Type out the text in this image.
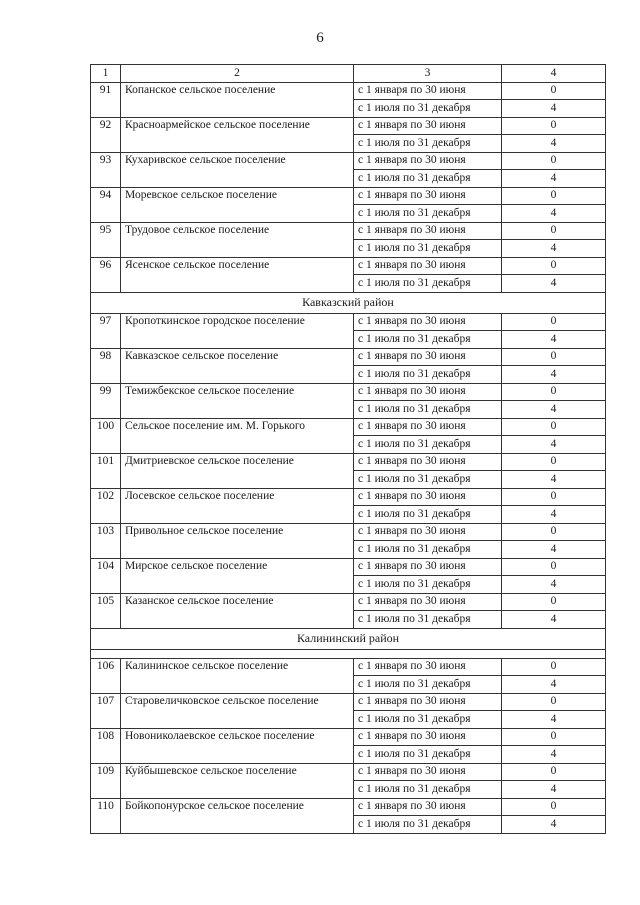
6
1	2	3	4
91	Копанское сельское поселение	с 1 января по 30 июня	0
		с 1 июля по 31 декабря	4
92	Красноармейское сельское поселение	с 1 января по 30 июня	0
		с 1 июля по 31 декабря	4
93	Кухаривское сельское поселение	с 1 января по 30 июня	0
		с 1 июля по 31 декабря	4
94	Моревское сельское поселение	с 1 января по 30 июня	0
		с 1 июля по 31 декабря	4
95	Трудовое сельское поселение	с 1 января по 30 июня	0
		с 1 июля по 31 декабря	4
96	Ясенское сельское поселение	с 1 января по 30 июня	0
		с 1 июля по 31 декабря	4
Кавказский район			
97	Кропоткинское городское поселение	с 1 января по 30 июня	0
		с 1 июля по 31 декабря	4
98	Кавказское сельское поселение	с 1 января по 30 июня	0
		с 1 июля по 31 декабря	4
99	Темижбекское сельское поселение	с 1 января по 30 июня	0
		с 1 июля по 31 декабря	4
100	Сельское поселение им. М. Горького	с 1 января по 30 июня	0
		с 1 июля по 31 декабря	4
101	Дмитриевское сельское поселение	с 1 января по 30 июня	0
		с 1 июля по 31 декабря	4
102	Лосевское сельское поселение	с 1 января по 30 июня	0
		с 1 июля по 31 декабря	4
103	Привольное сельское поселение	с 1 января по 30 июня	0
		с 1 июля по 31 декабря	4
104	Мирское сельское поселение	с 1 января по 30 июня	0
		с 1 июля по 31 декабря	4
105	Казанское сельское поселение	с 1 января по 30 июня	0
		с 1 июля по 31 декабря	4
Калининский район			

106	Калининское сельское поселение	с 1 января по 30 июня	0
		с 1 июля по 31 декабря	4
107	Старовеличковское сельское поселение	с 1 января по 30 июня	0
		с 1 июля по 31 декабря	4
108	Новониколаевское сельское поселение	с 1 января по 30 июня	0
		с 1 июля по 31 декабря	4
109	Куйбышевское сельское поселение	с 1 января по 30 июня	0
		с 1 июля по 31 декабря	4
110	Бойкопонурское сельское поселение	с 1 января по 30 июня	0
		с 1 июля по 31 декабря	4
